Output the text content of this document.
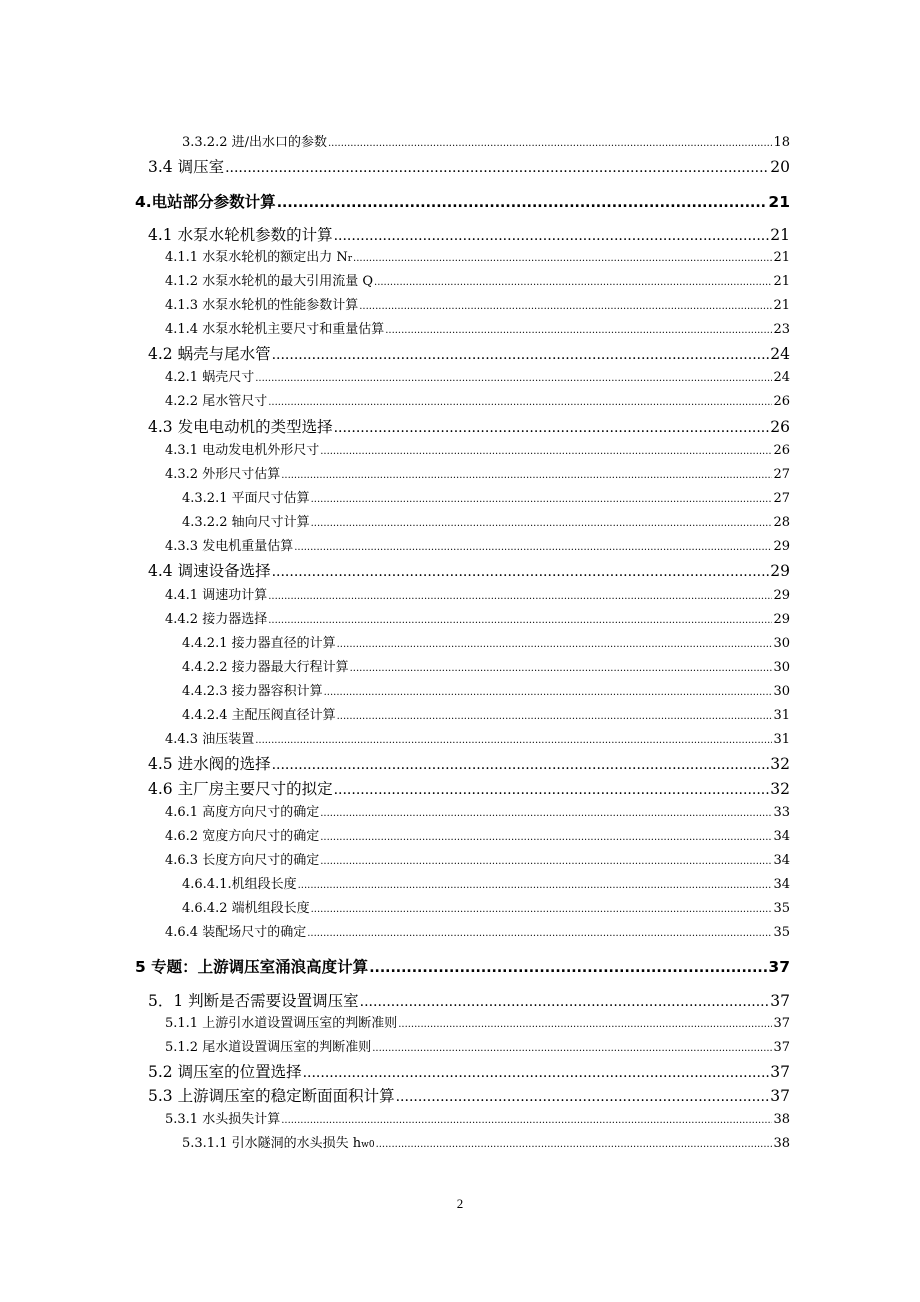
3.3.2.2 进/出水口的参数 .....	18
3.4 调压室 .....	20
4.电站部分参数计算 .....	21
4.1 水泵水轮机参数的计算 .....	21
4.1.1 水泵水轮机的额定出力 N r .....	21
4.1.2 水泵水轮机的最大引用流量 Q .....	21
4.1.3 水泵水轮机的性能参数计算 .....	21
4.1.4 水泵水轮机主要尺寸和重量估算 .....	23
4.2 蜗壳与尾水管 .....	24
4.2.1 蜗壳尺寸 .....	24
4.2.2 尾水管尺寸 .....	26
4.3 发电电动机的类型选择 .....	26
4.3.1 电动发电机外形尺寸 .....	26
4.3.2 外形尺寸估算 .....	27
4.3.2.1 平面尺寸估算 .....	27
4.3.2.2 轴向尺寸计算 .....	28
4.3.3 发电机重量估算 .....	29
4.4 调速设备选择 .....	29
4.4.1 调速功计算 .....	29
4.4.2 接力器选择 .....	29
4.4.2.1 接力器直径的计算 .....	30
4.4.2.2 接力器最大行程计算 .....	30
4.4.2.3 接力器容积计算 .....	30
4.4.2.4 主配压阀直径计算 .....	31
4.4.3 油压装置 .....	31
4.5 进水阀的选择 .....	32
4.6 主厂房主要尺寸的拟定 .....	32
4.6.1 高度方向尺寸的确定 .....	33
4.6.2 宽度方向尺寸的确定 .....	34
4.6.3 长度方向尺寸的确定 .....	34
4.6.4.1.机组段长度 .....	34
4.6.4.2 端机组段长度 .....	35
4.6.4 装配场尺寸的确定 .....	35
5 专题：上游调压室涌浪高度计算 .....	37
5．1 判断是否需要设置调压室 .....	37
5.1.1 上游引水道设置调压室的判断准则 .....	37
5.1.2 尾水道设置调压室的判断准则 .....	37
5.2 调压室的位置选择 .....	37
5.3 上游调压室的稳定断面面积计算 .....	37
5.3.1 水头损失计算 .....	38
5.3.1.1 引水隧洞的水头损失 h w0 .....	38
2
